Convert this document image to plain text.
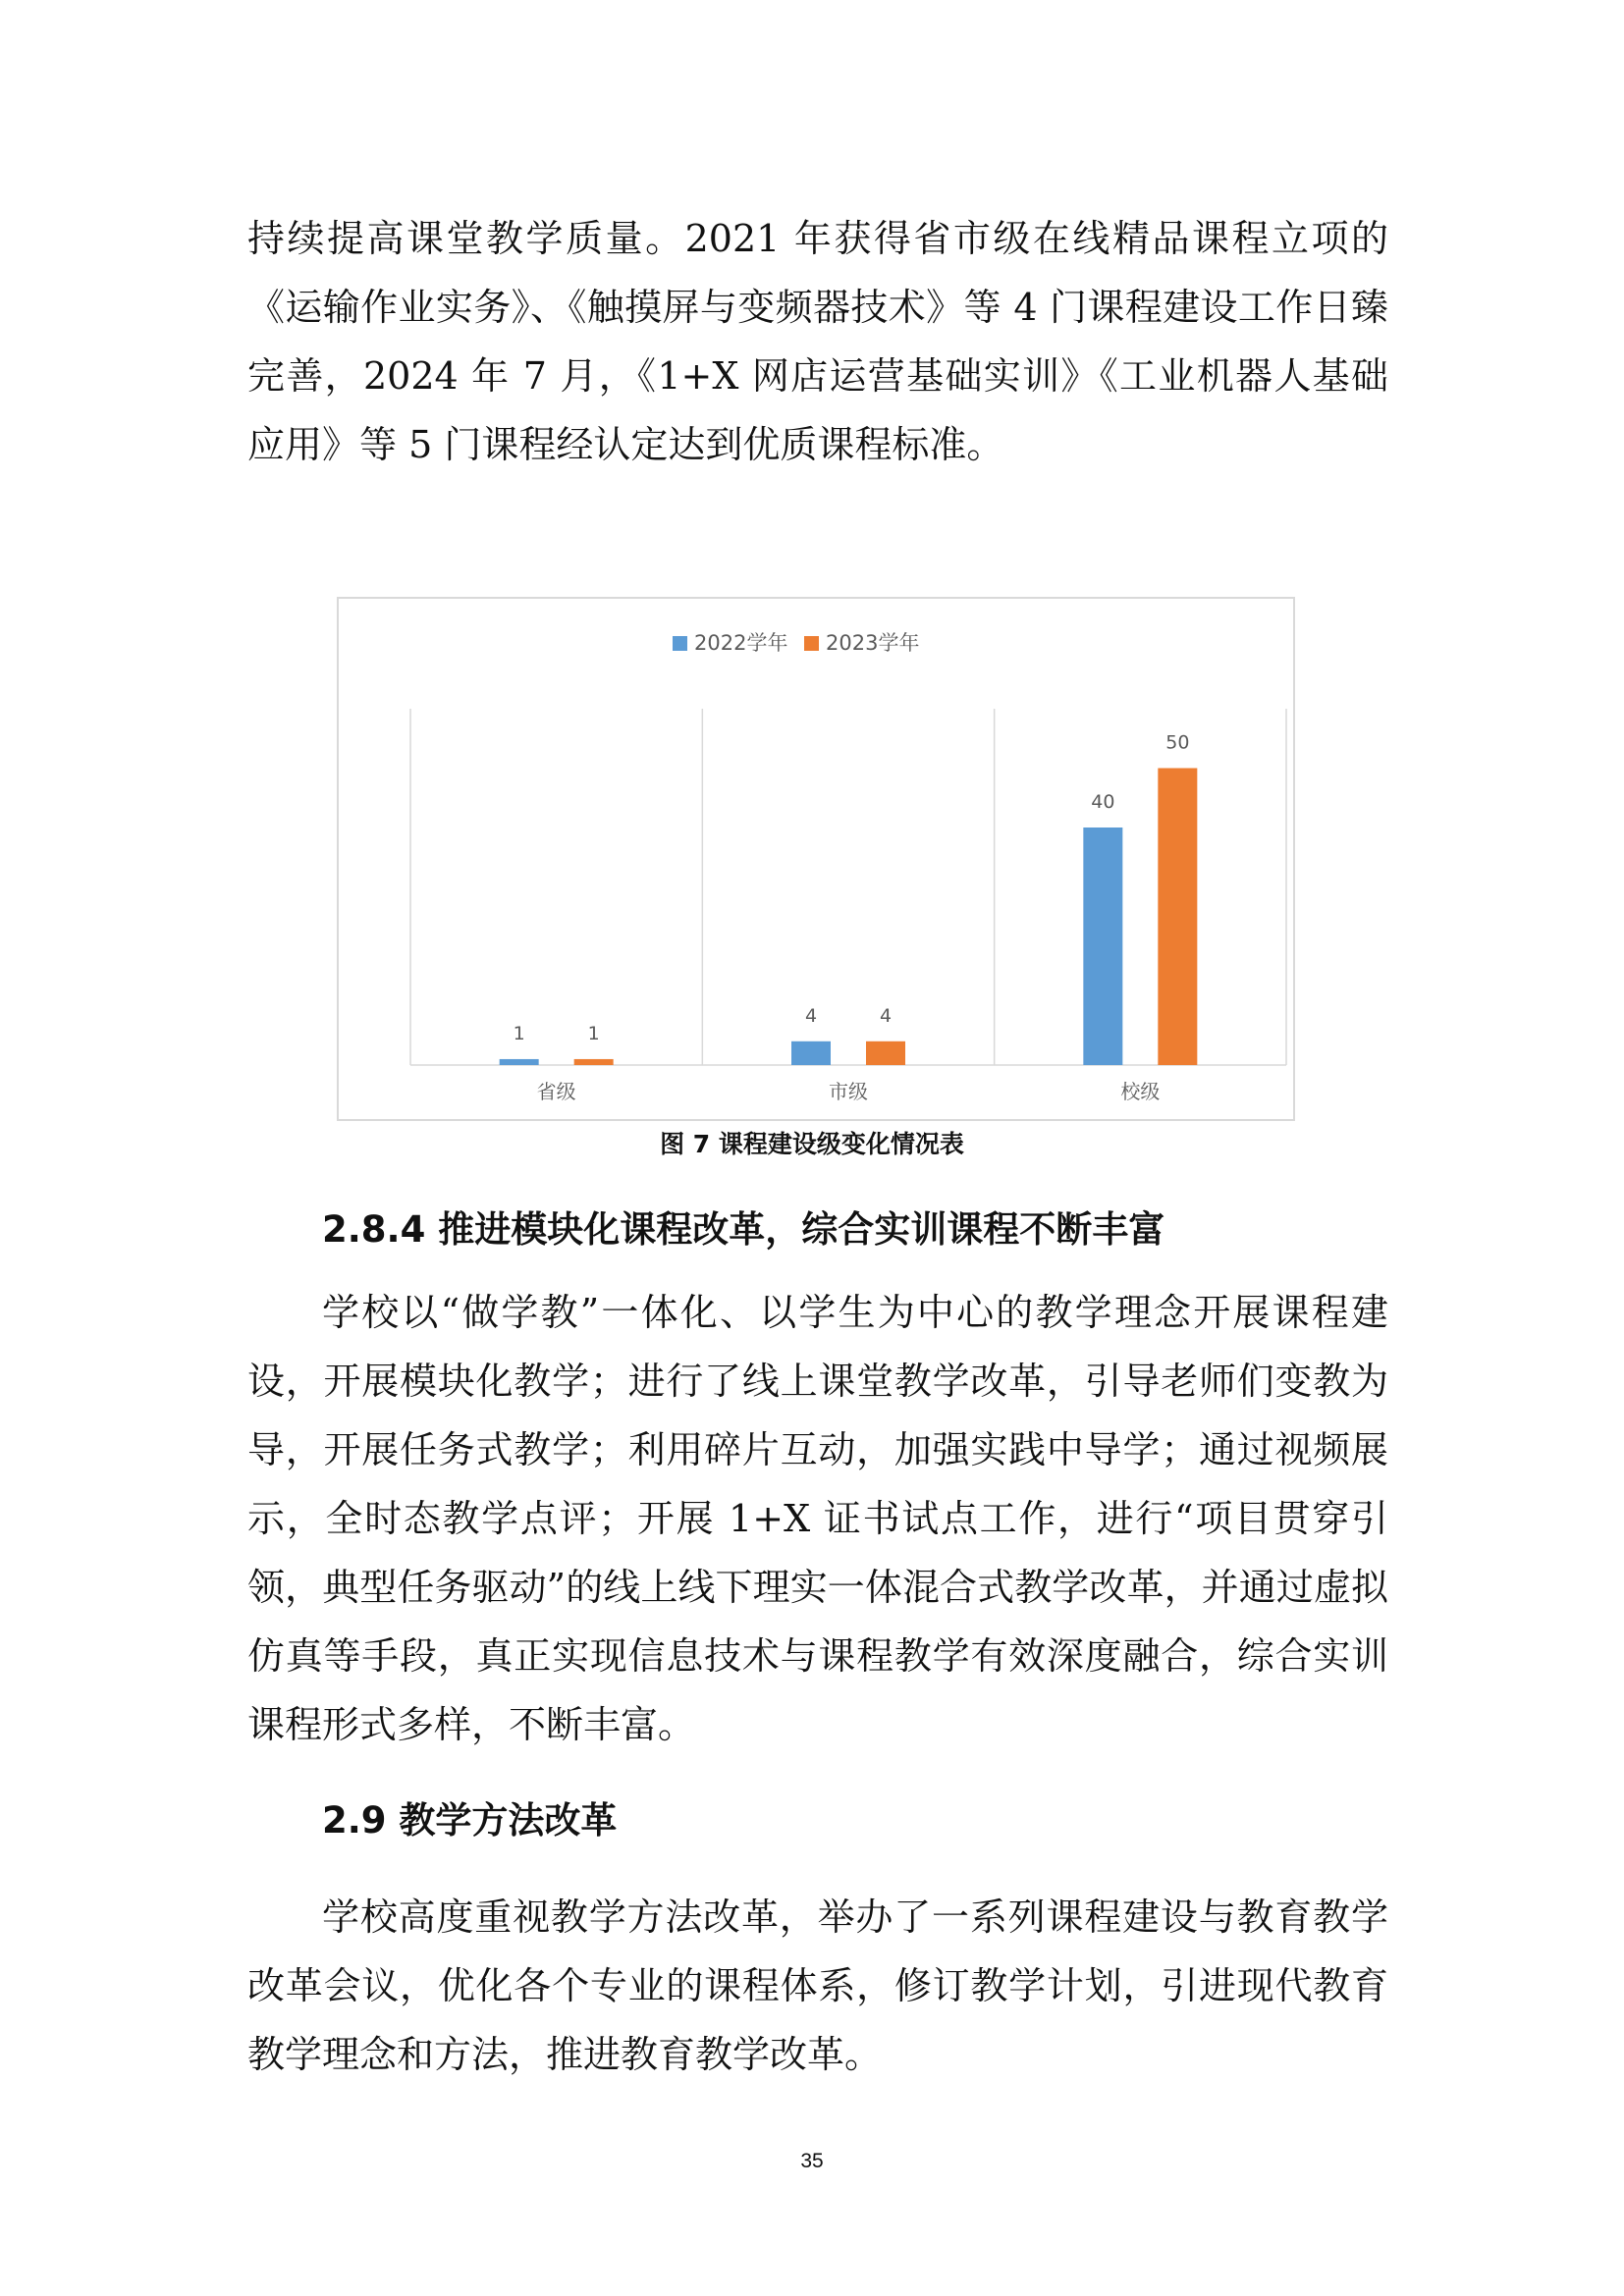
持续提高课堂教学质量。2021 年获得省市级在线精品课程立项的《运输作业实务》、《触摸屏与变频器技术》等 4 门课程建设工作日臻完善，2024 年 7 月，《1+X 网店运营基础实训》《工业机器人基础应用》等 5 门课程经认定达到优质课程标准。

1	1
省级
4	4
市级
40
50
校级
2022学年 2023学年
图 7 课程建设级变化情况表
2.8.4 推进模块化课程改革，综合实训课程不断丰富

学校以“做学教”一体化、以学生为中心的教学理念开展课程建设，开展模块化教学；进行了线上课堂教学改革，引导老师们变教为导，开展任务式教学；利用碎片互动，加强实践中导学；通过视频展示，全时态教学点评；开展 1+X 证书试点工作，进行“项目贯穿引领，典型任务驱动”的线上线下理实一体混合式教学改革，并通过虚拟仿真等手段，真正实现信息技术与课程教学有效深度融合，综合实训课程形式多样，不断丰富。

2.9 教学方法改革

学校高度重视教学方法改革，举办了一系列课程建设与教育教学改革会议，优化各个专业的课程体系，修订教学计划，引进现代教育教学理念和方法，推进教育教学改革。

35
